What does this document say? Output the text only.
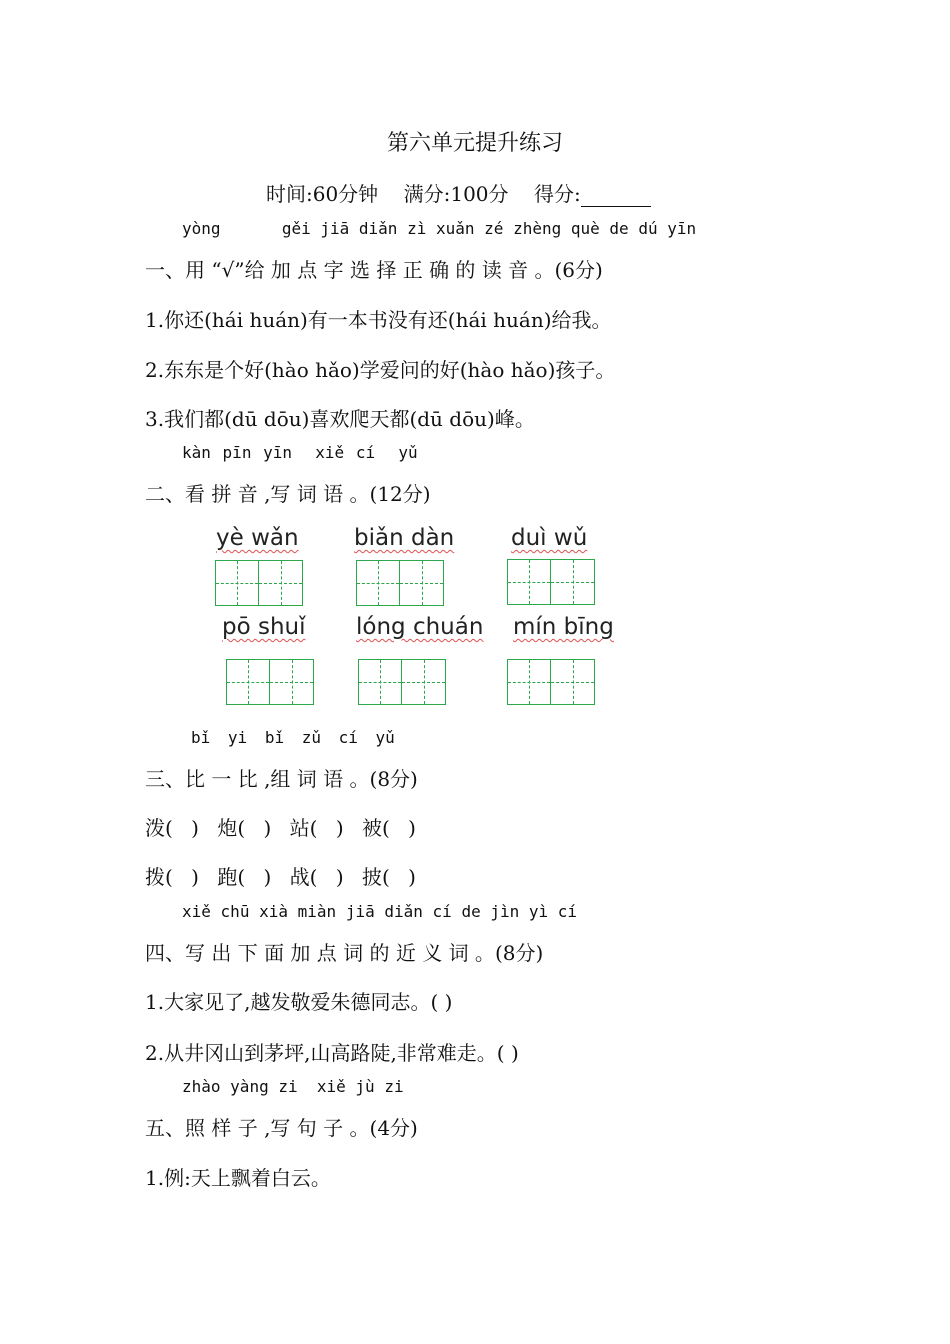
第六单元提升练习
时间:60分钟 满分:100分 得分:
yòng	gěi jiā diǎn zì xuǎn zé zhèng què de dú yīn
一、用 “√”给 加 点 字 选 择 正 确 的 读 音 。(6分)
1.你还(hái huán)有一本书没有还(hái huán)给我。
2.东东是个好(hào hǎo)学爱问的好(hào hǎo)孩子。
3.我们都(dū dōu)喜欢爬天都(dū dōu)峰。
kàn pīn yīn xiě cí yǔ
二、看 拼 音 ,写 词 语 。(12分)
yè wǎn biǎn dàn duì wǔ
pō shuǐ lóng chuán mín bīng
bǐ yi bǐ zǔ cí yǔ
三、比 一 比 ,组 词 语 。(8分)
泼( ) 炮( ) 站( ) 被( )
拨( ) 跑( ) 战( ) 披( )
xiě chū xià miàn jiā diǎn cí de jìn yì cí
四、写 出 下 面 加 点 词 的 近 义 词 。(8分)
1.大家见了,越发敬爱朱德同志。( )
2.从井冈山到茅坪,山高路陡,非常难走。( )
zhào yàng zi xiě jù zi
五、照 样 子 ,写 句 子 。(4分)
1.例:天上飘着白云。
